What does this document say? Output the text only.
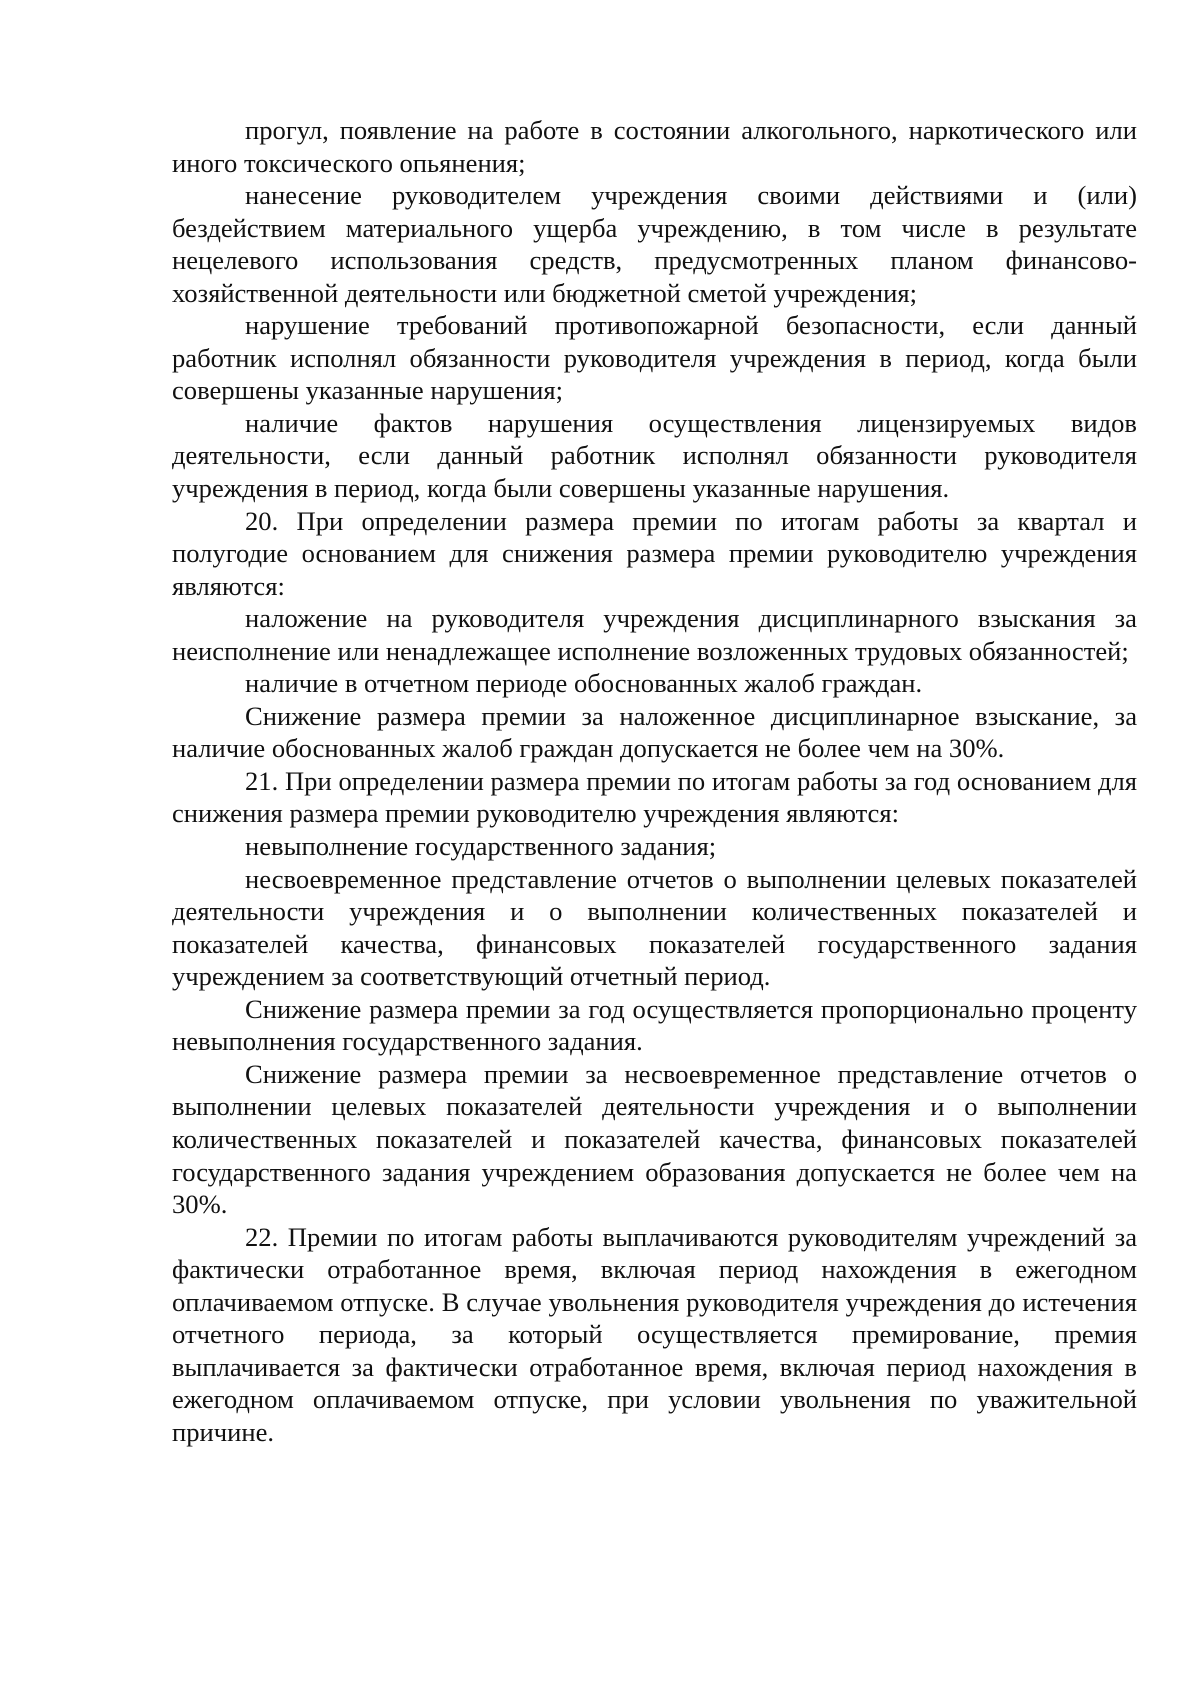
прогул, появление на работе в состоянии алкогольного, наркотического или иного токсического опьянения;

нанесение руководителем учреждения своими действиями и (или) бездействием материального ущерба учреждению, в том числе в результате нецелевого использования средств, предусмотренных планом финансово-хозяйственной деятельности или бюджетной сметой учреждения;

нарушение требований противопожарной безопасности, если данный работник исполнял обязанности руководителя учреждения в период, когда были совершены указанные нарушения;

наличие фактов нарушения осуществления лицензируемых видов деятельности, если данный работник исполнял обязанности руководителя учреждения в период, когда были совершены указанные нарушения.

20. При определении размера премии по итогам работы за квартал и полугодие основанием для снижения размера премии руководителю учреждения являются:

наложение на руководителя учреждения дисциплинарного взыскания за неисполнение или ненадлежащее исполнение возложенных трудовых обязанностей;

наличие в отчетном периоде обоснованных жалоб граждан.

Снижение размера премии за наложенное дисциплинарное взыскание, за наличие обоснованных жалоб граждан допускается не более чем на 30%.

21. При определении размера премии по итогам работы за год основанием для снижения размера премии руководителю учреждения являются:

невыполнение государственного задания;

несвоевременное представление отчетов о выполнении целевых показателей деятельности учреждения и о выполнении количественных показателей и показателей качества, финансовых показателей государственного задания учреждением за соответствующий отчетный период.

Снижение размера премии за год осуществляется пропорционально проценту невыполнения государственного задания.

Снижение размера премии за несвоевременное представление отчетов о выполнении целевых показателей деятельности учреждения и о выполнении количественных показателей и показателей качества, финансовых показателей государственного задания учреждением образования допускается не более чем на 30%.

22. Премии по итогам работы выплачиваются руководителям учреждений за фактически отработанное время, включая период нахождения в ежегодном оплачиваемом отпуске. В случае увольнения руководителя учреждения до истечения отчетного периода, за который осуществляется премирование, премия выплачивается за фактически отработанное время, включая период нахождения в ежегодном оплачиваемом отпуске, при условии увольнения по уважительной причине.
